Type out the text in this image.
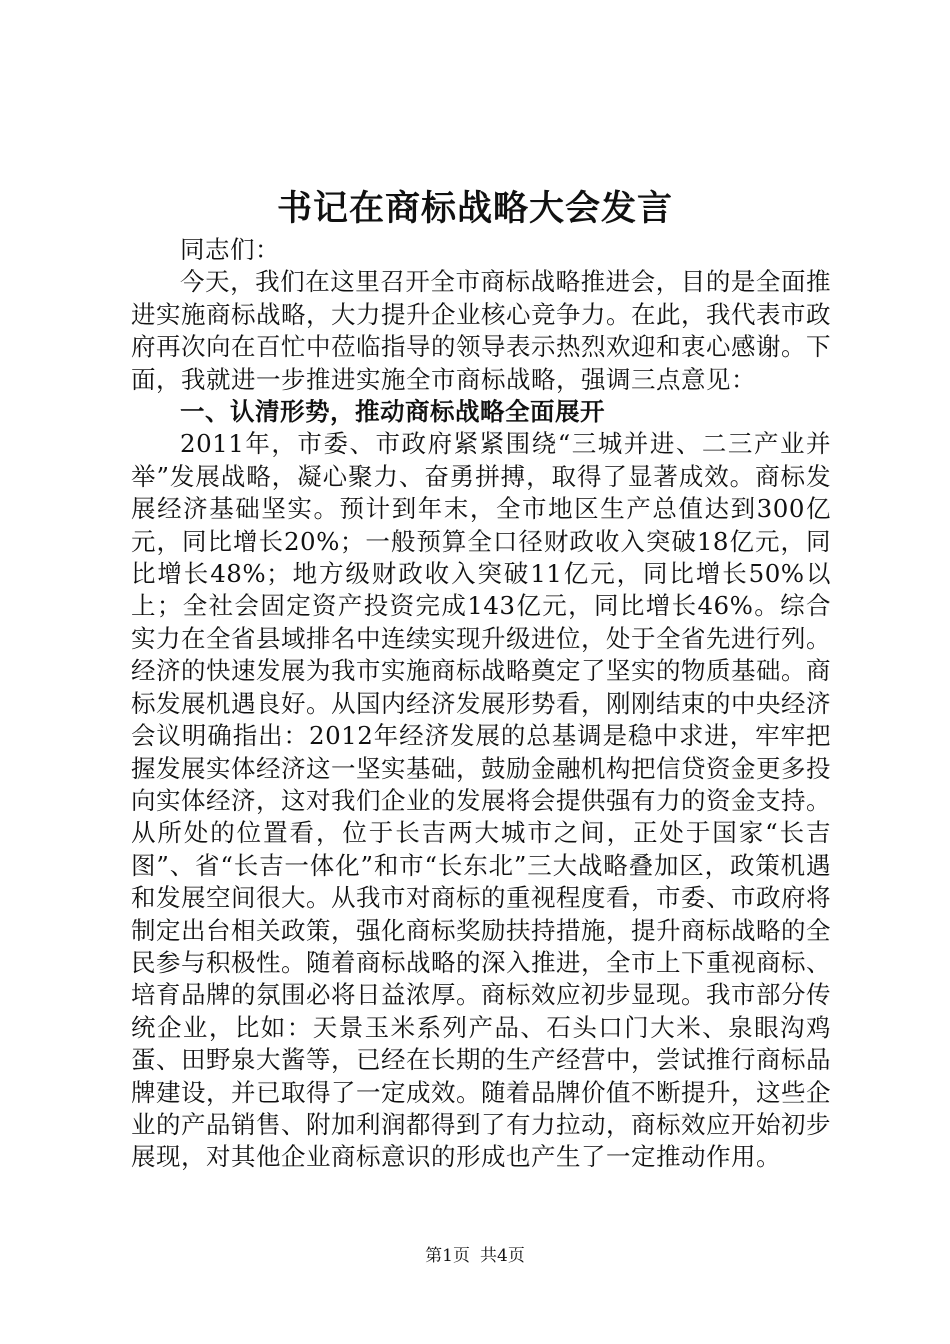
书记在商标战略大会发言

同志们：

今天，我们在这里召开全市商标战略推进会，目的是全面推进实施商标战略，大力提升企业核心竞争力。在此，我代表市政府再次向在百忙中莅临指导的领导表示热烈欢迎和衷心感谢。下面，我就进一步推进实施全市商标战略，强调三点意见：

一、认清形势，推动商标战略全面展开

2011年，市委、市政府紧紧围绕“三城并进、二三产业并举”发展战略，凝心聚力、奋勇拼搏，取得了显著成效。商标发展经济基础坚实。预计到年末，全市地区生产总值达到300亿元，同比增长20%；一般预算全口径财政收入突破18亿元，同比增长48%；地方级财政收入突破11亿元，同比增长50%以上；全社会固定资产投资完成143亿元，同比增长46%。综合实力在全省县域排名中连续实现升级进位，处于全省先进行列。经济的快速发展为我市实施商标战略奠定了坚实的物质基础。商标发展机遇良好。从国内经济发展形势看，刚刚结束的中央经济会议明确指出：2012年经济发展的总基调是稳中求进，牢牢把握发展实体经济这一坚实基础，鼓励金融机构把信贷资金更多投向实体经济，这对我们企业的发展将会提供强有力的资金支持。从所处的位置看，位于长吉两大城市之间，正处于国家“长吉图”、省“长吉一体化”和市“长东北”三大战略叠加区，政策机遇和发展空间很大。从我市对商标的重视程度看，市委、市政府将制定出台相关政策，强化商标奖励扶持措施，提升商标战略的全民参与积极性。随着商标战略的深入推进，全市上下重视商标、培育品牌的氛围必将日益浓厚。商标效应初步显现。我市部分传统企业，比如：天景玉米系列产品、石头口门大米、泉眼沟鸡蛋、田野泉大酱等，已经在长期的生产经营中，尝试推行商标品牌建设，并已取得了一定成效。随着品牌价值不断提升，这些企业的产品销售、附加利润都得到了有力拉动，商标效应开始初步展现，对其他企业商标意识的形成也产生了一定推动作用。

第1页 共4页
